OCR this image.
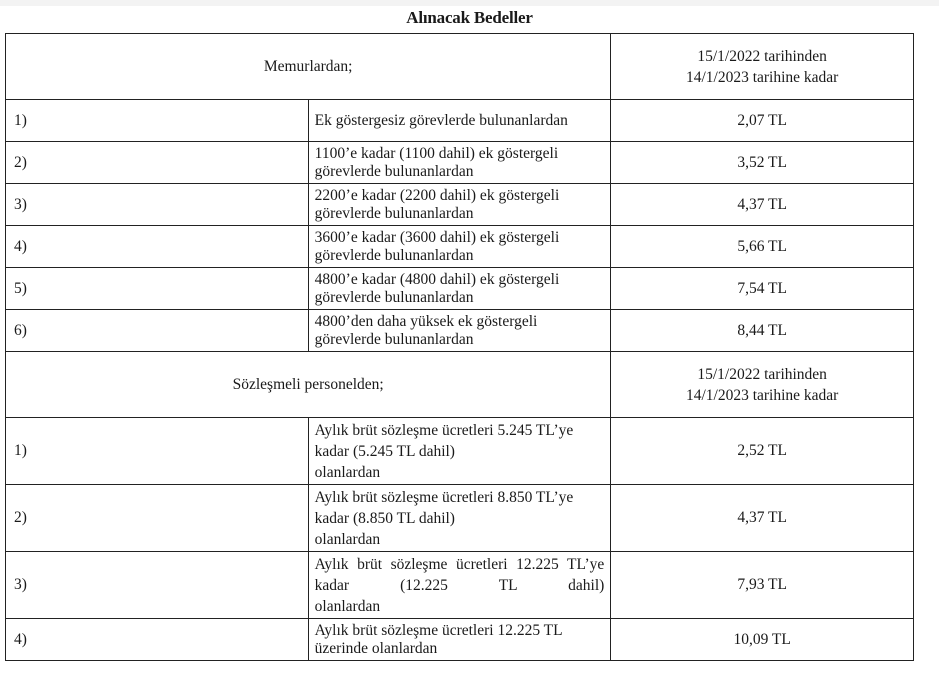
Alınacak Bedeller
Memurlardan;		15/1/2022 tarihinden
14/1/2023 tarihine kadar

1)	Ek göstergesiz görevlerde bulunanlardan	2,07 TL
2)	1100’e kadar (1100 dahil) ek göstergeli görevlerde bulunanlardan	3,52 TL
3)	2200’e kadar (2200 dahil) ek göstergeli görevlerde bulunanlardan	4,37 TL
4)	3600’e kadar (3600 dahil) ek göstergeli görevlerde bulunanlardan	5,66 TL
5)	4800’e kadar (4800 dahil) ek göstergeli görevlerde bulunanlardan	7,54 TL
6)	4800’den daha yüksek ek göstergeli görevlerde bulunanlardan	8,44 TL
Sözleşmeli personelden;		15/1/2022 tarihinden
14/1/2023 tarihine kadar

1)	Aylık brüt sözleşme ücretleri 5.245 TL’ye kadar (5.245 TL dahil)
olanlardan	2,52 TL
2)	Aylık brüt sözleşme ücretleri 8.850 TL’ye kadar (8.850 TL dahil)
olanlardan	4,37 TL
3)	Aylık brüt sözleşme ücretleri 12.225 TL’ye kadar (12.225 TL dahil)
olanlardan	7,93 TL
4)	Aylık brüt sözleşme ücretleri 12.225 TL üzerinde olanlardan	10,09 TL
